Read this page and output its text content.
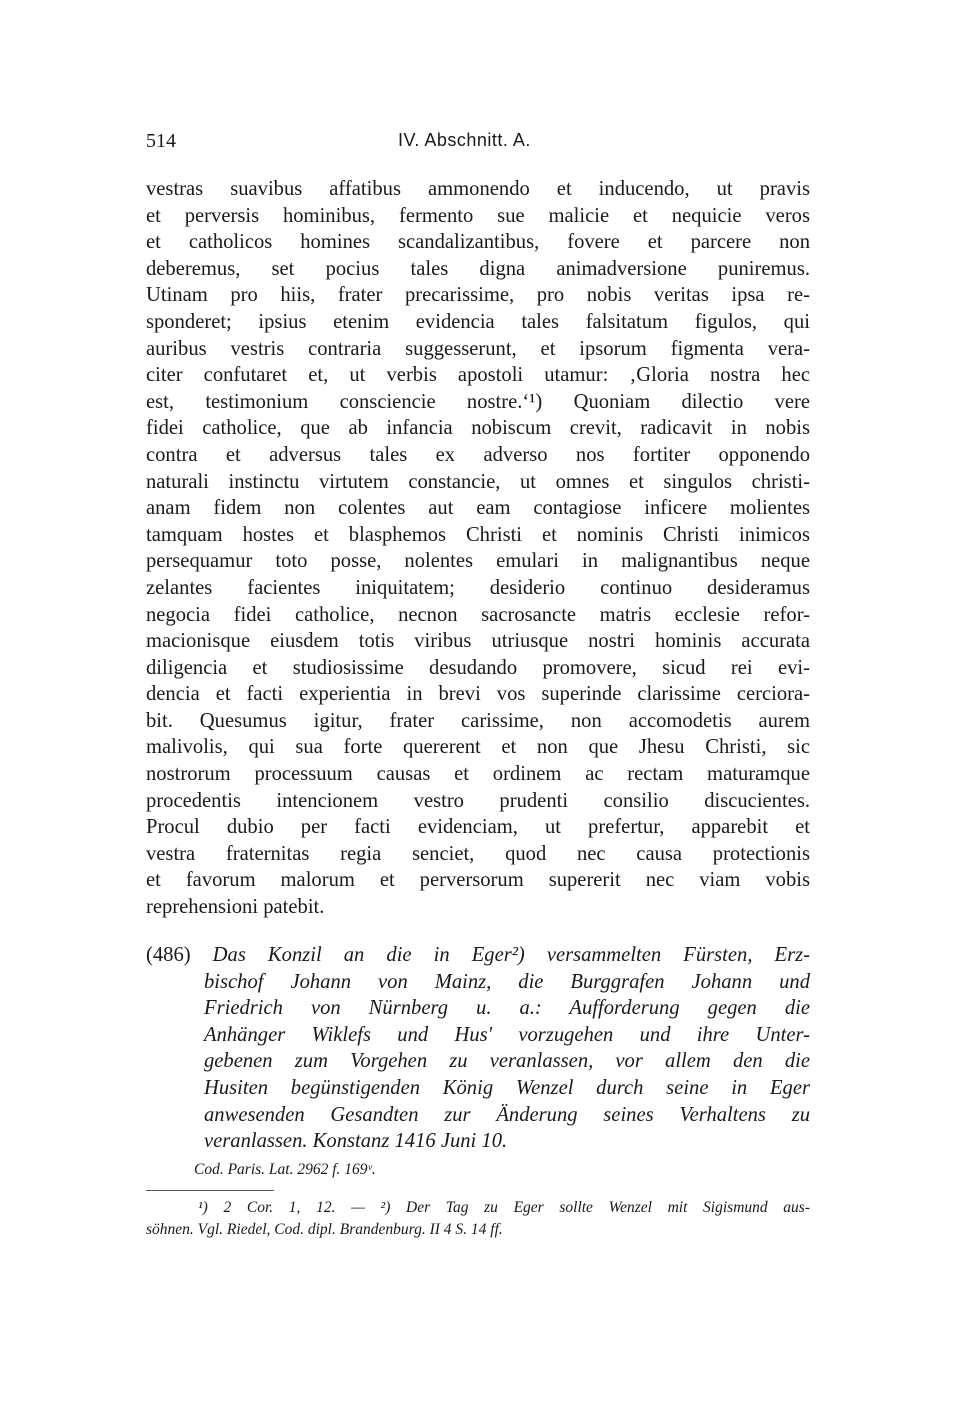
514	IV. Abschnitt. A.
vestras suavibus affatibus ammonendo et inducendo, ut pravis
et perversis hominibus, fermento sue malicie et nequicie veros
et catholicos homines scandalizantibus, fovere et parcere non
deberemus, set pocius tales digna animadversione puniremus.
Utinam pro hiis, frater precarissime, pro nobis veritas ipsa re-
sponderet; ipsius etenim evidencia tales falsitatum figulos, qui
auribus vestris contraria suggesserunt, et ipsorum figmenta vera-
citer confutaret et, ut verbis apostoli utamur: ‚Gloria nostra hec
est, testimonium consciencie nostre.‘¹) Quoniam dilectio vere
fidei catholice, que ab infancia nobiscum crevit, radicavit in nobis
contra et adversus tales ex adverso nos fortiter opponendo
naturali instinctu virtutem constancie, ut omnes et singulos christi-
anam fidem non colentes aut eam contagiose inficere molientes
tamquam hostes et blasphemos Christi et nominis Christi inimicos
persequamur toto posse, nolentes emulari in malignantibus neque
zelantes facientes iniquitatem; desiderio continuo desideramus
negocia fidei catholice, necnon sacrosancte matris ecclesie refor-
macionisque eiusdem totis viribus utriusque nostri hominis accurata
diligencia et studiosissime desudando promovere, sicud rei evi-
dencia et facti experientia in brevi vos superinde clarissime cerciora-
bit. Quesumus igitur, frater carissime, non accomodetis aurem
malivolis, qui sua forte quererent et non que Jhesu Christi, sic
nostrorum processuum causas et ordinem ac rectam maturamque
procedentis intencionem vestro prudenti consilio discucientes.
Procul dubio per facti evidenciam, ut prefertur, apparebit et
vestra fraternitas regia senciet, quod nec causa protectionis
et favorum malorum et perversorum supererit nec viam vobis
reprehensioni patebit.
(486) Das Konzil an die in Eger²) versammelten Fürsten, Erz-
bischof Johann von Mainz, die Burggrafen Johann und
Friedrich von Nürnberg u. a.: Aufforderung gegen die
Anhänger Wiklefs und Hus' vorzugehen und ihre Unter-
gebenen zum Vorgehen zu veranlassen, vor allem den die
Husiten begünstigenden König Wenzel durch seine in Eger
anwesenden Gesandten zur Änderung seines Verhaltens zu
veranlassen. Konstanz 1416 Juni 10.
Cod. Paris. Lat. 2962 f. 169ᵛ.
¹) 2 Cor. 1, 12. — ²) Der Tag zu Eger sollte Wenzel mit Sigismund aus-
söhnen. Vgl. Riedel, Cod. dipl. Brandenburg. II 4 S. 14 ff.
